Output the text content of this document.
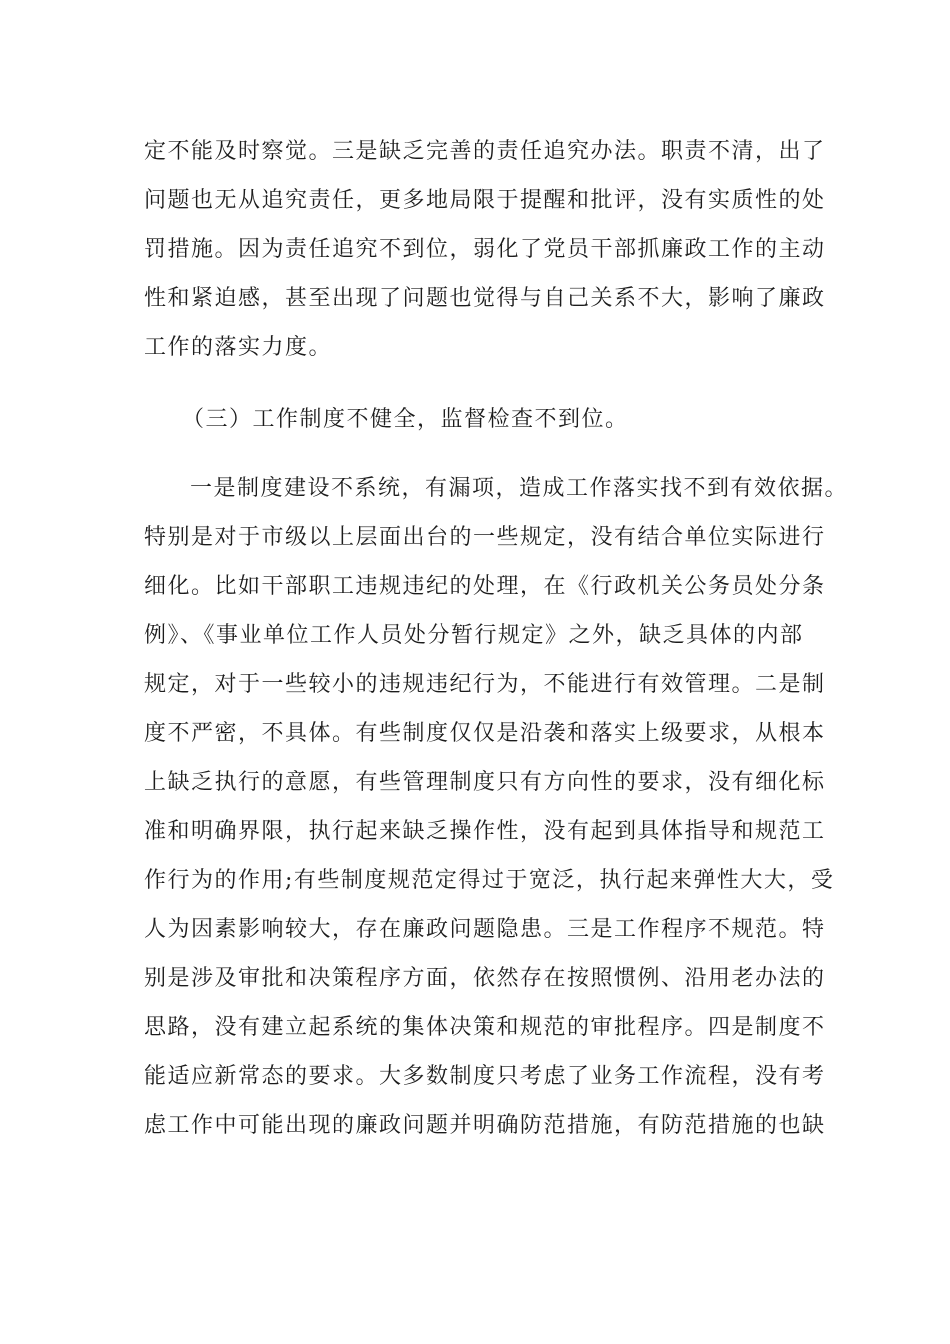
定不能及时察觉。三是缺乏完善的责任追究办法。职责不清，出了
问题也无从追究责任，更多地局限于提醒和批评，没有实质性的处
罚措施。因为责任追究不到位，弱化了党员干部抓廉政工作的主动
性和紧迫感，甚至出现了问题也觉得与自己关系不大，影响了廉政
工作的落实力度。
（三）工作制度不健全，监督检查不到位。
一是制度建设不系统，有漏项，造成工作落实找不到有效依据。
特别是对于市级以上层面出台的一些规定，没有结合单位实际进行
细化。比如干部职工违规违纪的处理，在《行政机关公务员处分条
例》、《事业单位工作人员处分暂行规定》之外，缺乏具体的内部
规定，对于一些较小的违规违纪行为，不能进行有效管理。二是制
度不严密，不具体。有些制度仅仅是沿袭和落实上级要求，从根本
上缺乏执行的意愿，有些管理制度只有方向性的要求，没有细化标
准和明确界限，执行起来缺乏操作性，没有起到具体指导和规范工
作行为的作用;有些制度规范定得过于宽泛，执行起来弹性大大，受
人为因素影响较大，存在廉政问题隐患。三是工作程序不规范。特
别是涉及审批和决策程序方面，依然存在按照惯例、沿用老办法的
思路，没有建立起系统的集体决策和规范的审批程序。四是制度不
能适应新常态的要求。大多数制度只考虑了业务工作流程，没有考
虑工作中可能出现的廉政问题并明确防范措施，有防范措施的也缺
